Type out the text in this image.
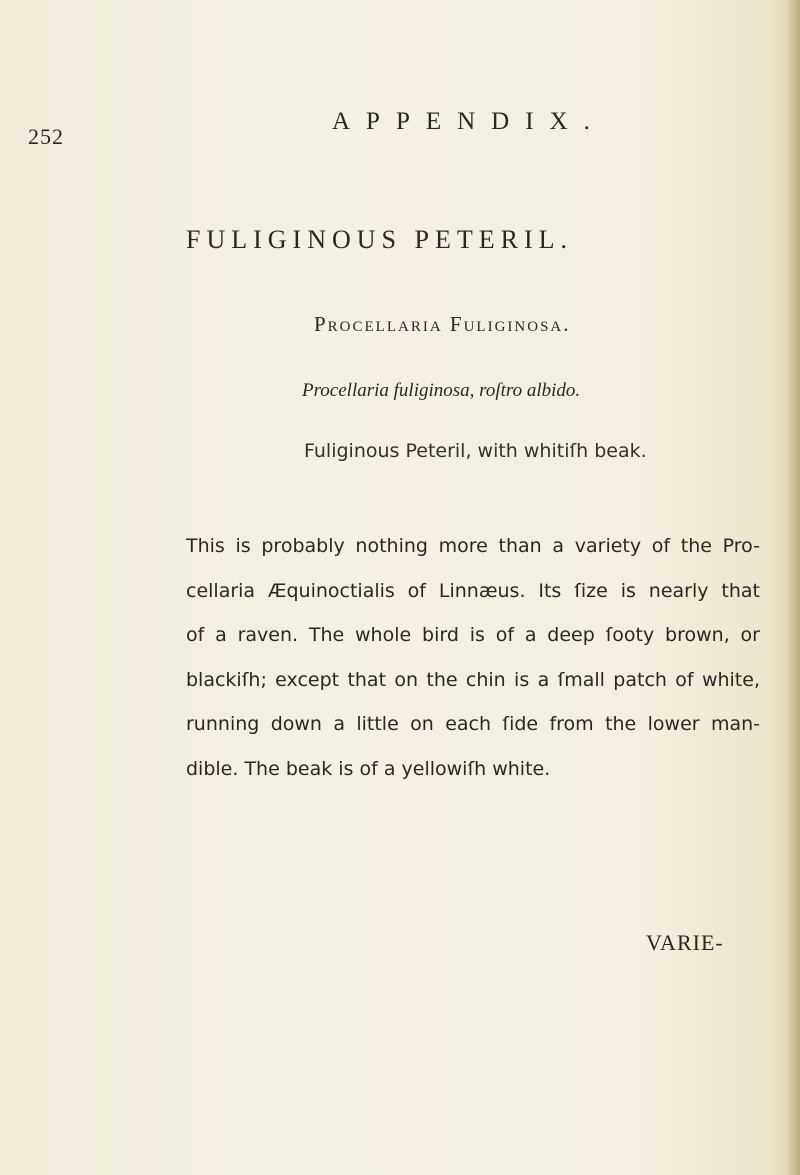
252
APPENDIX.
FULIGINOUS PETERIL.
Procellaria Fuliginosa.
Procellaria fuliginosa, roſtro albido.
Fuliginous Peteril, with whitiſh beak.
This is probably nothing more than a variety of the Pro-
cellaria Æquinoctialis of Linnæus. Its ſize is nearly that
of a raven. The whole bird is of a deep ſooty brown, or
blackiſh; except that on the chin is a ſmall patch of white,
running down a little on each ſide from the lower man-
dible. The beak is of a yellowiſh white.
VARIE-
